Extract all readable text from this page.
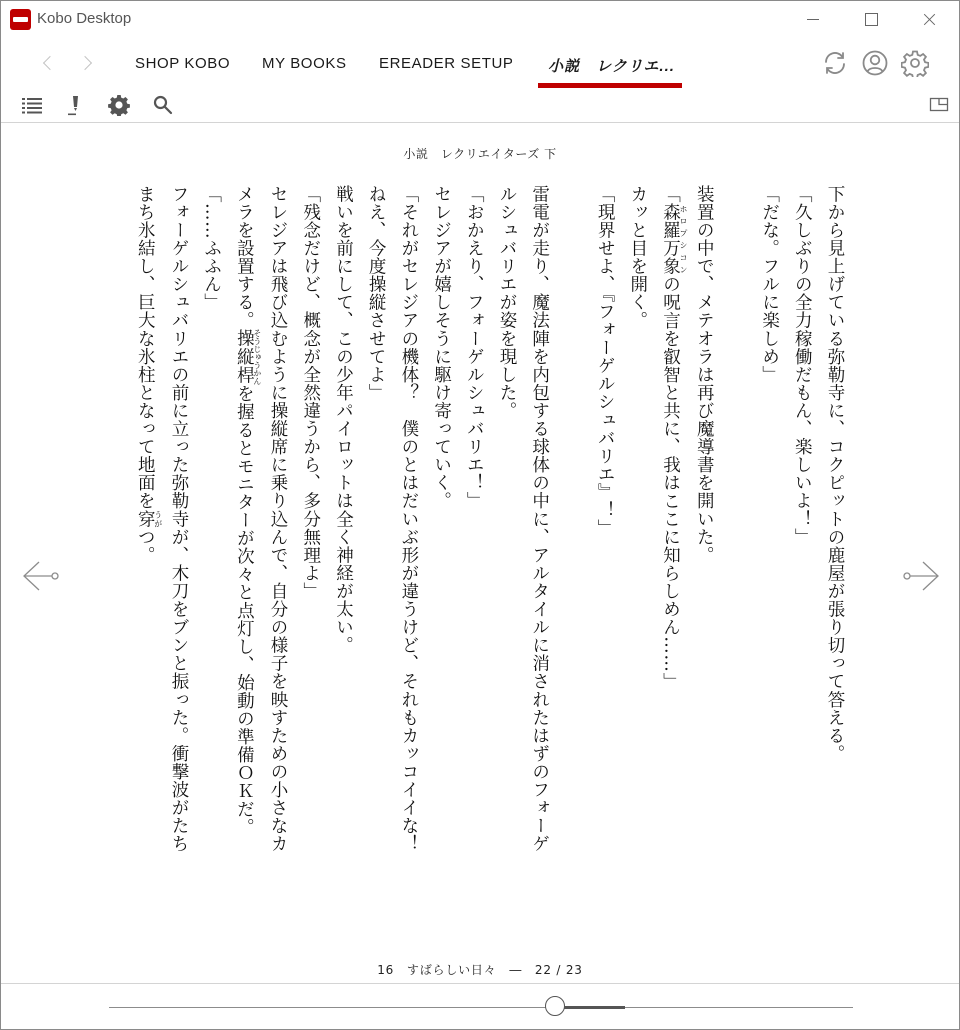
Kobo Desktop
SHOP KOBO MY BOOKS EREADER SETUP 小説　レクリエ...
小説　レクリエイターズ 下

下から見上げている弥勒寺に、コクピットの鹿屋が張り切って答える。

「久しぶりの全力稼働だもん、楽しいよ！」

「だな。フルに楽しめ」

装置の中で、メテオラは再び魔導書を開いた。

「森羅万象ホロプシコンの呪言を叡智と共に、我はここに知らしめん……」

カッと目を開く。

「現界せよ、『フォーゲルシュバリエ』！」

雷電が走り、魔法陣を内包する球体の中に、アルタイルに消されたはずのフォーゲ

ルシュバリエが姿を現した。

「おかえり、フォーゲルシュバリエ！」

セレジアが嬉しそうに駆け寄っていく。

「それがセレジアの機体？　僕のとはだいぶ形が違うけど、それもカッコイイな！

ねえ、今度操縦させてよ」

戦いを前にして、この少年パイロットは全く神経が太い。

「残念だけど、概念が全然違うから、多分無理よ」

セレジアは飛び込むように操縦席に乗り込んで、自分の様子を映すための小さなカ

メラを設置する。操縦桿そうじゅうかんを握るとモニターが次々と点灯し、始動の準備ＯＫだ。

「……ふふん」

フォーゲルシュバリエの前に立った弥勒寺が、木刀をブンと振った。衝撃波がたち

まち氷結し、巨大な氷柱となって地面を穿うがつ。

16　すばらしい日々　―　22 / 23
